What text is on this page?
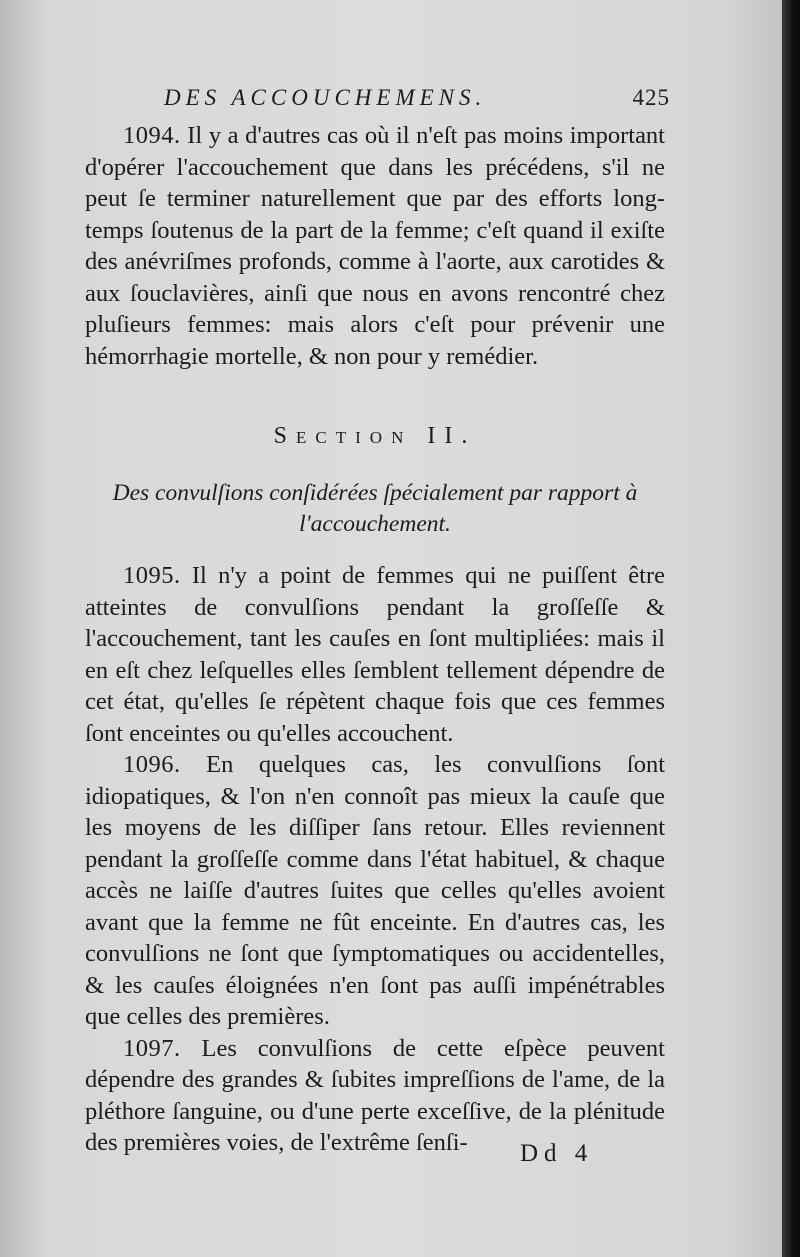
DES ACCOUCHEMENS.	425

1094. Il y a d'autres cas où il n'eſt pas moins important d'opérer l'accouchement que dans les précédens, s'il ne peut ſe terminer naturellement que par des efforts long-temps ſoutenus de la part de la femme; c'eſt quand il exiſte des anévriſmes profonds, comme à l'aorte, aux carotides & aux ſouclavières, ainſi que nous en avons rencontré chez pluſieurs femmes: mais alors c'eſt pour prévenir une hémorrhagie mortelle, & non pour y remédier.

Section II.
Des convulſions conſidérées ſpécialement par rapport à l'accouchement.

1095. Il n'y a point de femmes qui ne puiſſent être atteintes de convulſions pendant la groſſeſſe & l'accouchement, tant les cauſes en ſont multipliées: mais il en eſt chez leſquelles elles ſemblent tellement dépendre de cet état, qu'elles ſe répètent chaque fois que ces femmes ſont enceintes ou qu'elles accouchent.

1096. En quelques cas, les convulſions ſont idiopatiques, & l'on n'en connoît pas mieux la cauſe que les moyens de les diſſiper ſans retour. Elles reviennent pendant la groſſeſſe comme dans l'état habituel, & chaque accès ne laiſſe d'autres ſuites que celles qu'elles avoient avant que la femme ne fût enceinte. En d'autres cas, les convulſions ne ſont que ſymptomatiques ou accidentelles, & les cauſes éloignées n'en ſont pas auſſi impénétrables que celles des premières.

1097. Les convulſions de cette eſpèce peuvent dépendre des grandes & ſubites impreſſions de l'ame, de la pléthore ſanguine, ou d'une perte exceſſive, de la plénitude des premières voies, de l'extrême ſenſi-	Dd 4
